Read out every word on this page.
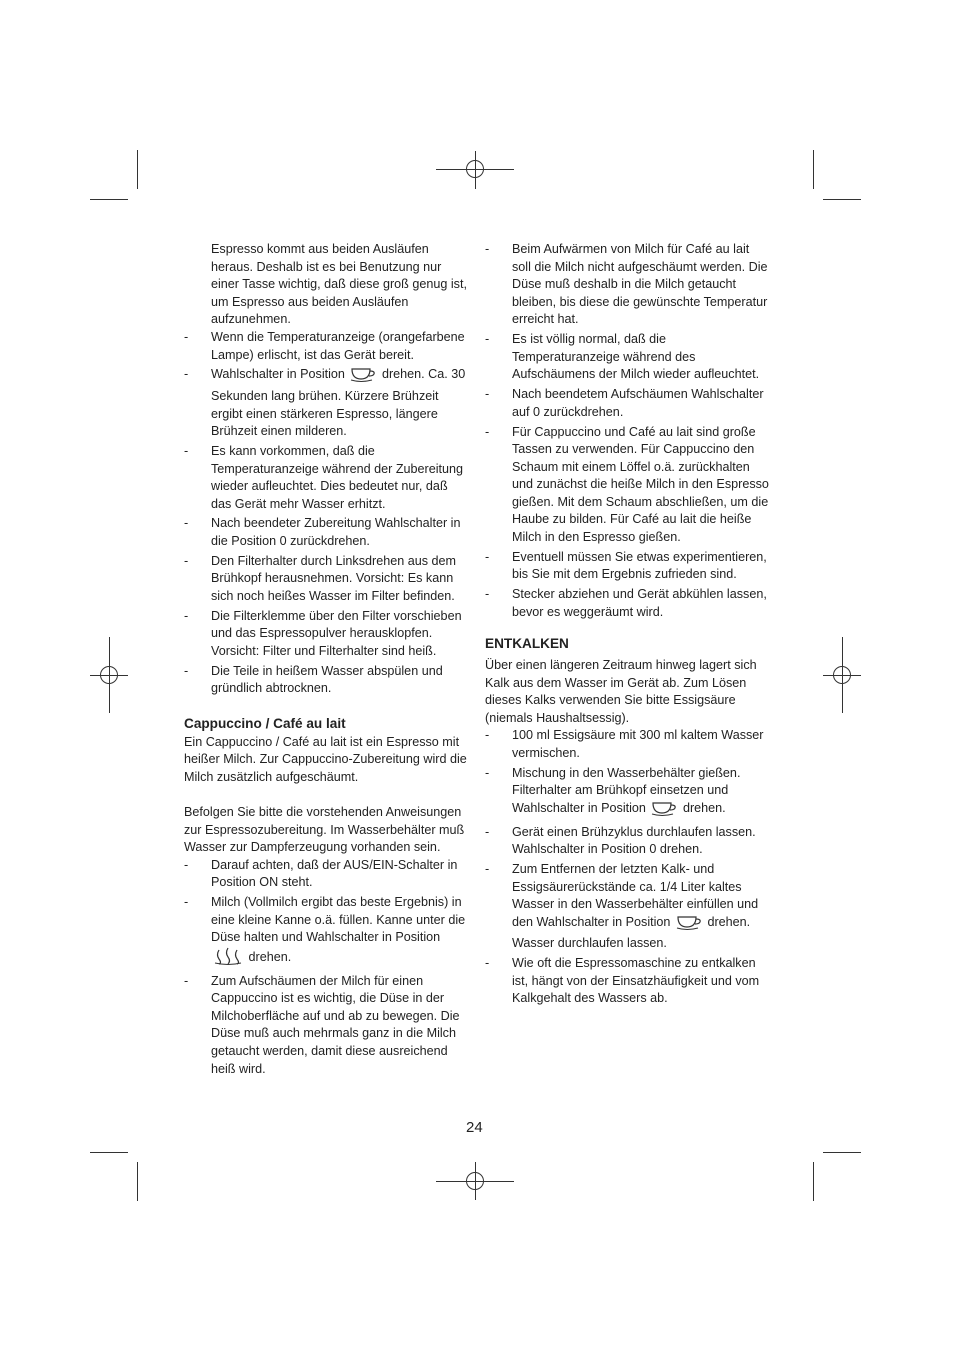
Espresso kommt aus beiden Ausläufen heraus. Deshalb ist es bei Benutzung nur einer Tasse wichtig, daß diese groß genug ist, um Espresso aus beiden Ausläufen aufzunehmen.

- Wenn die Temperaturanzeige (orangefarbene Lampe) erlischt, ist das Gerät bereit.
- Wahlschalter in Position	drehen. Ca. 30 Sekunden lang brühen. Kürzere Brühzeit ergibt einen stärkeren Espresso, längere Brühzeit einen milderen.
- Es kann vorkommen, daß die Temperaturanzeige während der Zubereitung wieder aufleuchtet. Dies bedeutet nur, daß das Gerät mehr Wasser erhitzt.
- Nach beendeter Zubereitung Wahlschalter in die Position 0 zurückdrehen.
- Den Filterhalter durch Linksdrehen aus dem Brühkopf herausnehmen. Vorsicht: Es kann sich noch heißes Wasser im Filter befinden.
- Die Filterklemme über den Filter vorschieben und das Espressopulver herausklopfen. Vorsicht: Filter und Filterhalter sind heiß.
- Die Teile in heißem Wasser abspülen und gründlich abtrocknen.
Cappuccino / Café au lait

Ein Cappuccino / Café au lait ist ein Espresso mit heißer Milch. Zur Cappuccino-Zubereitung wird die Milch zusätzlich aufgeschäumt.

Befolgen Sie bitte die vorstehenden Anweisungen zur Espressozubereitung. Im Wasserbehälter muß Wasser zur Dampferzeugung vorhanden sein.

- Darauf achten, daß der AUS/EIN-Schalter in Position ON steht.
- Milch (Vollmilch ergibt das beste Ergebnis) in eine kleine Kanne o.ä. füllen. Kanne unter die Düse halten und Wahlschalter in Position  drehen.
- Zum Aufschäumen der Milch für einen Cappuccino ist es wichtig, die Düse in der Milchoberfläche auf und ab zu bewegen. Die Düse muß auch mehrmals ganz in die Milch getaucht werden, damit diese ausreichend heiß wird.
- Beim Aufwärmen von Milch für Café au lait soll die Milch nicht aufgeschäumt werden. Die Düse muß deshalb in die Milch getaucht bleiben, bis diese die gewünschte Temperatur erreicht hat.
- Es ist völlig normal, daß die Temperaturanzeige während des Aufschäumens der Milch wieder aufleuchtet.
- Nach beendetem Aufschäumen Wahlschalter auf 0 zurückdrehen.
- Für Cappuccino und Café au lait sind große Tassen zu verwenden. Für Cappuccino den Schaum mit einem Löffel o.ä. zurückhalten und zunächst die heiße Milch in den Espresso gießen. Mit dem Schaum abschließen, um die Haube zu bilden. Für Café au lait die heiße Milch in den Espresso gießen.
- Eventuell müssen Sie etwas experimentieren, bis Sie mit dem Ergebnis zufrieden sind.
- Stecker abziehen und Gerät abkühlen lassen, bevor es weggeräumt wird.
ENTKALKEN

Über einen längeren Zeitraum hinweg lagert sich Kalk aus dem Wasser im Gerät ab. Zum Lösen dieses Kalks verwenden Sie bitte Essigsäure (niemals Haushaltsessig).

- 100 ml Essigsäure mit 300 ml kaltem Wasser vermischen.
- Mischung in den Wasserbehälter gießen. Filterhalter am Brühkopf einsetzen und Wahlschalter in Position	drehen.
- Gerät einen Brühzyklus durchlaufen lassen. Wahlschalter in Position 0 drehen.
- Zum Entfernen der letzten Kalk- und Essigsäurerückstände ca. 1/4 Liter kaltes Wasser in den Wasserbehälter einfüllen und den Wahlschalter in Position	drehen. Wasser durchlaufen lassen.
- Wie oft die Espressomaschine zu entkalken ist, hängt von der Einsatzhäufigkeit und vom Kalkgehalt des Wassers ab.
24
